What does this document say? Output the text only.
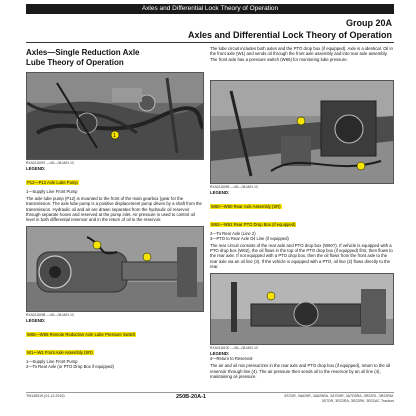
Axles and Differential Lock Theory of Operation
Group 20A
Axles and Differential Lock Theory of Operation
Axles—Single Reduction Axle Lube Theory of Operation
1
RXA0116097 —UN—08-MAY-13
LEGEND:
P12—P12 Axle Lube Pump
1—Supply Line Front Pump
The axle lube pump (P12) is mounted to the front of the main gearbox (gear for the transmission. The axle lube pump is a positive displacement pump driven by a shaft from the transmission. Hydraulic oil and air are drawn separates from the hydraulic oil reservoir through separate hoses and reserved at the pump inlet. Air pressure is used to control oil level in both differential reservoir and in the return of oil to the reservoir.
RXA0116098 —UN—08-MAY-13
LEGEND:
W65—W65 Remote Reduction Axle Lube Pressure Switch
W1—W1 Front Axle Assembly (SR)
1—Supply Line Front Pump
2—To Rear Axle (or PTO Drop Box if equipped)
The lube circuit includes both axles and the PTO drop box (if equipped). Axle is a identical. Oil in the front axle (W1) and sends oil through the front axle assembly and into rear axle assembly. The front axle has a pressure switch (W65) for monitoring lube pressure.
RXA0116099 —UN—08-MAY-13
LEGEND:
W60—W60 Rear Axle Assembly (SR)
W62—W62 Rear PTO Drop Box (if equipped)
2—To Rear Axle (Line 2)
3—PTO to Rear Axle Oil Line (if equipped)
The rear circuit consists of the rear axle and PTO drop box (W60?). If vehicle is equipped with a PTO drop box (W62), the oil flows in the top of the PTO drop box (if equipped) first, then flows to the rear axle. If not equipped with a PTO drop box, then the oil flows from the front axle to the rear axle via an oil line (3). If the vehicle is equipped with a PTO, oil line (2) flows directly to the rear.
RXA0116100 —UN—08-MAY-13
LEGEND:
4—Return to Reservoir
The air and oil mix pressurizes in the rear axle and PTO drop box (if equipped), return to the oil reservoir through line (4). The air pressure then sends oil to the reservoir by an oil line (4), maintaining oil pressure.
TM145519 (01.12.2015)	250B-20A-1	3S7DR, 3A625R, 3A625RA, 3A7D5R, 3A7D5RA, 3R22RL, 3R22RM, 3S7DR, 3R22RA, 3R22RK, 3R22AC Tractors
